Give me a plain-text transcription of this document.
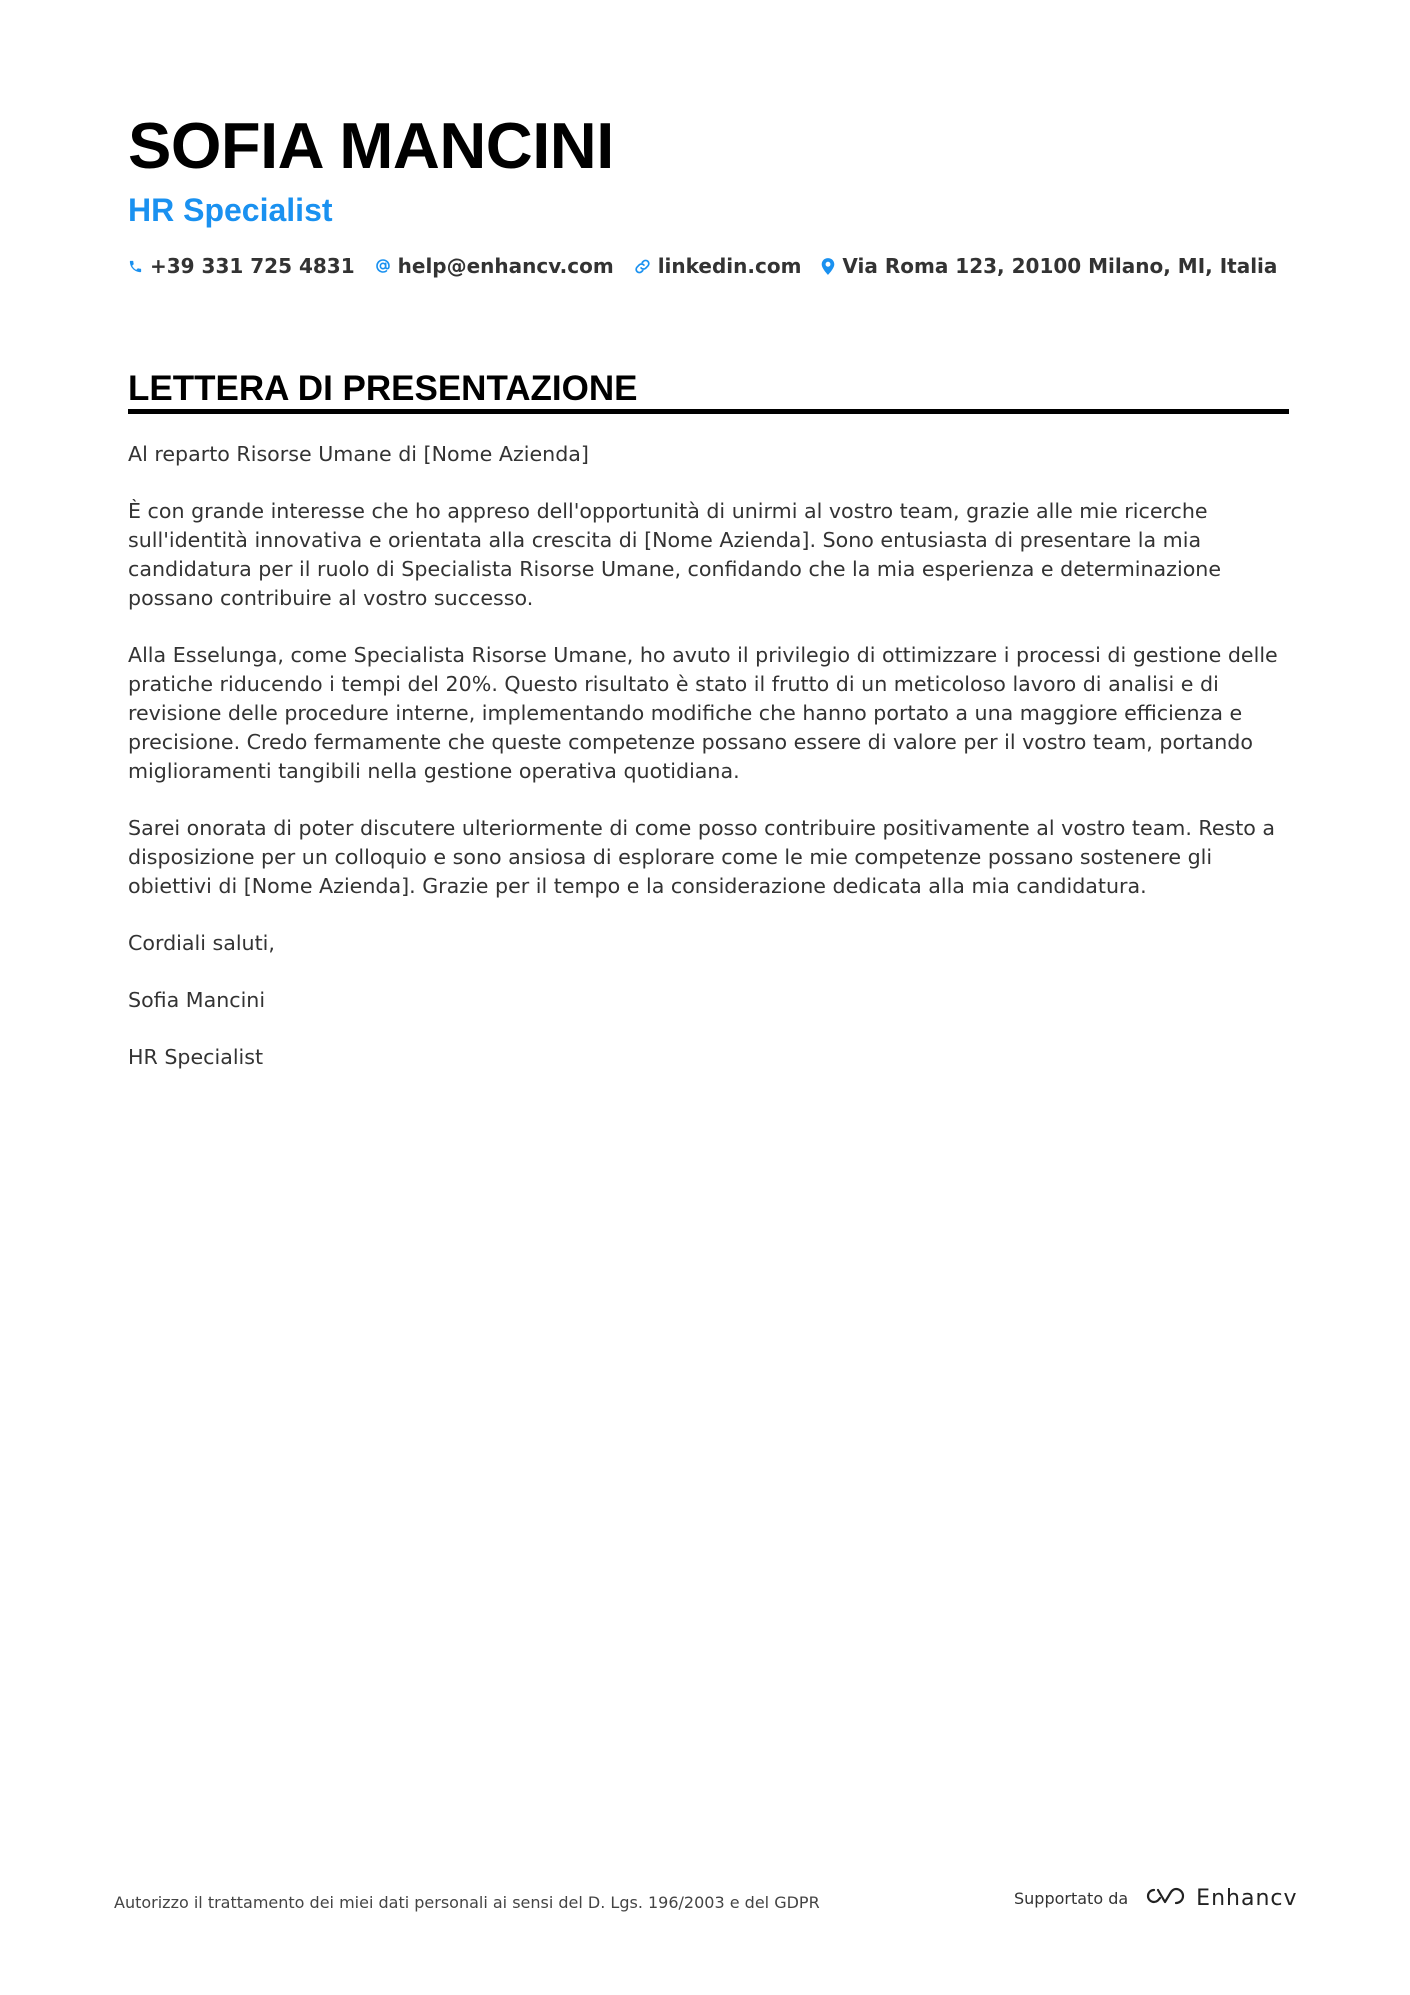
SOFIA MANCINI
HR Specialist
+39 331 725 4831 help@enhancv.com linkedin.com Via Roma 123, 20100 Milano, MI, Italia
LETTERA DI PRESENTAZIONE

Al reparto Risorse Umane di [Nome Azienda]

È con grande interesse che ho appreso dell'opportunità di unirmi al vostro team, grazie alle mie ricerche sull'identità innovativa e orientata alla crescita di [Nome Azienda]. Sono entusiasta di presentare la mia candidatura per il ruolo di Specialista Risorse Umane, confidando che la mia esperienza e determinazione possano contribuire al vostro successo.

Alla Esselunga, come Specialista Risorse Umane, ho avuto il privilegio di ottimizzare i processi di gestione delle pratiche riducendo i tempi del 20%. Questo risultato è stato il frutto di un meticoloso lavoro di analisi e di revisione delle procedure interne, implementando modifiche che hanno portato a una maggiore efficienza e precisione. Credo fermamente che queste competenze possano essere di valore per il vostro team, portando miglioramenti tangibili nella gestione operativa quotidiana.

Sarei onorata di poter discutere ulteriormente di come posso contribuire positivamente al vostro team. Resto a disposizione per un colloquio e sono ansiosa di esplorare come le mie competenze possano sostenere gli obiettivi di [Nome Azienda]. Grazie per il tempo e la considerazione dedicata alla mia candidatura.

Cordiali saluti,

Sofia Mancini

HR Specialist

Autorizzo il trattamento dei miei dati personali ai sensi del D. Lgs. 196/2003 e del GDPR	Supportato da	Enhancv
